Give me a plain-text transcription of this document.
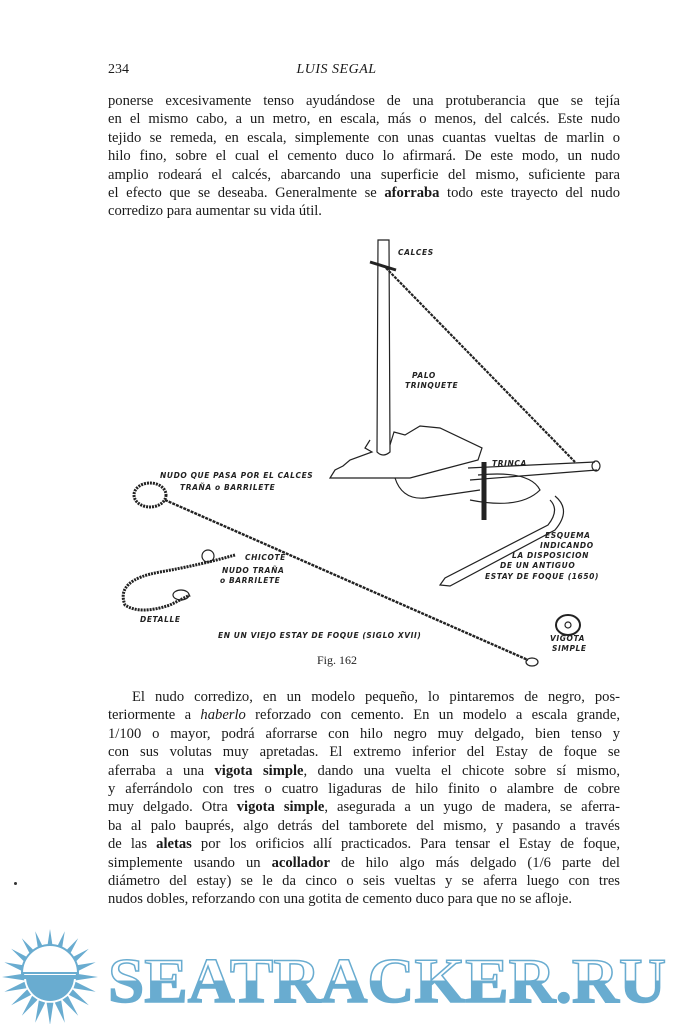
234	LUIS SEGAL
ponerse excesivamente tenso ayudándose de una protuberancia que se tejía
en el mismo cabo, a un metro, en escala, más o menos, del calcés. Este nudo
tejido se remeda, en escala, simplemente con unas cuantas vueltas de marlin o
hilo fino, sobre el cual el cemento duco lo afirmará. De este modo, un nudo
amplio rodeará el calcés, abarcando una superficie del mismo, suficiente para
el efecto que se deseaba. Generalmente se aforraba todo este trayecto del nudo
corredizo para aumentar su vida útil.
CALCES
PALO
TRINQUETE
TRINCA
NUDO QUE PASA POR EL CALCES
TRAÑA o BARRILETE
CHICOTE
NUDO TRAÑA
o BARRILETE
DETALLE
ESQUEMA
INDICANDO
LA DISPOSICION
DE UN ANTIGUO
ESTAY DE FOQUE (1650)
EN UN VIEJO ESTAY DE FOQUE (SIGLO XVII)	VIGOTA
SIMPLE
Fig. 162
El nudo corredizo, en un modelo pequeño, lo pintaremos de negro, pos-
teriormente a haberlo reforzado con cemento. En un modelo a escala grande,
1/100 o mayor, podrá aforrarse con hilo negro muy delgado, bien tenso y
con sus volutas muy apretadas. El extremo inferior del Estay de foque se
aferraba a una vigota simple, dando una vuelta el chicote sobre sí mismo,
y aferrándolo con tres o cuatro ligaduras de hilo finito o alambre de cobre
muy delgado. Otra vigota simple, asegurada a un yugo de madera, se aferra-
ba al palo bauprés, algo detrás del tamborete del mismo, y pasando a través
de las aletas por los orificios allí practicados. Para tensar el Estay de foque,
simplemente usando un acollador de hilo algo más delgado (1/6 parte del
diámetro del estay) se le da cinco o seis vueltas y se aferra luego con tres
nudos dobles, reforzando con una gotita de cemento duco para que no se afloje.
SEATRACKER.RU
